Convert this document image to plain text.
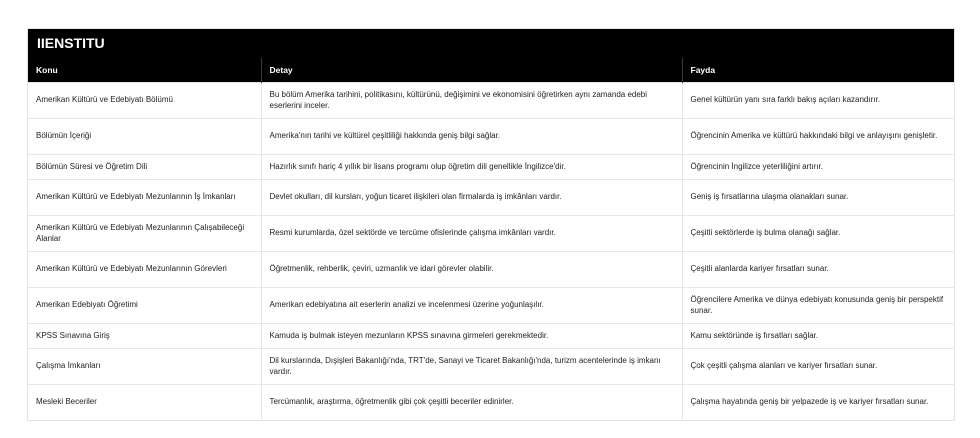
IIENSTITU
Konu	Detay	Fayda
Amerikan Kültürü ve Edebiyatı Bölümü	Bu bölüm Amerika tarihini, politikasını, kültürünü, değişimini ve ekonomisini öğretirken aynı zamanda edebi eserlerini inceler.	Genel kültürün yanı sıra farklı bakış açıları kazandırır.
Bölümün İçeriği	Amerika'nın tarihi ve kültürel çeşitliliği hakkında geniş bilgi sağlar.	Öğrencinin Amerika ve kültürü hakkındaki bilgi ve anlayışını genişletir.
Bölümün Süresi ve Öğretim Dili	Hazırlık sınıfı hariç 4 yıllık bir lisans programı olup öğretim dili genellikle İngilizce'dir.	Öğrencinin İngilizce yeterliliğini artırır.
Amerikan Kültürü ve Edebiyatı Mezunlarının İş İmkanları	Devlet okulları, dil kursları, yoğun ticaret ilişkileri olan firmalarda iş imkânları vardır.	Geniş iş fırsatlarına ulaşma olanakları sunar.
Amerikan Kültürü ve Edebiyatı Mezunlarının Çalışabileceği Alanlar	Resmi kurumlarda, özel sektörde ve tercüme ofislerinde çalışma imkânları vardır.	Çeşitli sektörlerde iş bulma olanağı sağlar.
Amerikan Kültürü ve Edebiyatı Mezunlarının Görevleri	Öğretmenlik, rehberlik, çeviri, uzmanlık ve idari görevler olabilir.	Çeşitli alanlarda kariyer fırsatları sunar.
Amerikan Edebiyatı Öğretimi	Amerikan edebiyatına ait eserlerin analizi ve incelenmesi üzerine yoğunlaşılır.	Öğrencilere Amerika ve dünya edebiyatı konusunda geniş bir perspektif sunar.
KPSS Sınavına Giriş	Kamuda iş bulmak isteyen mezunların KPSS sınavına girmeleri gerekmektedir.	Kamu sektöründe iş fırsatları sağlar.
Çalışma İmkanları	Dil kurslarında, Dışişleri Bakanlığı'nda, TRT'de, Sanayi ve Ticaret Bakanlığı'nda, turizm acentelerinde iş imkanı vardır.	Çok çeşitli çalışma alanları ve kariyer fırsatları sunar.
Mesleki Beceriler	Tercümanlık, araştırma, öğretmenlik gibi çok çeşitli beceriler edinirler.	Çalışma hayatında geniş bir yelpazede iş ve kariyer fırsatları sunar.
